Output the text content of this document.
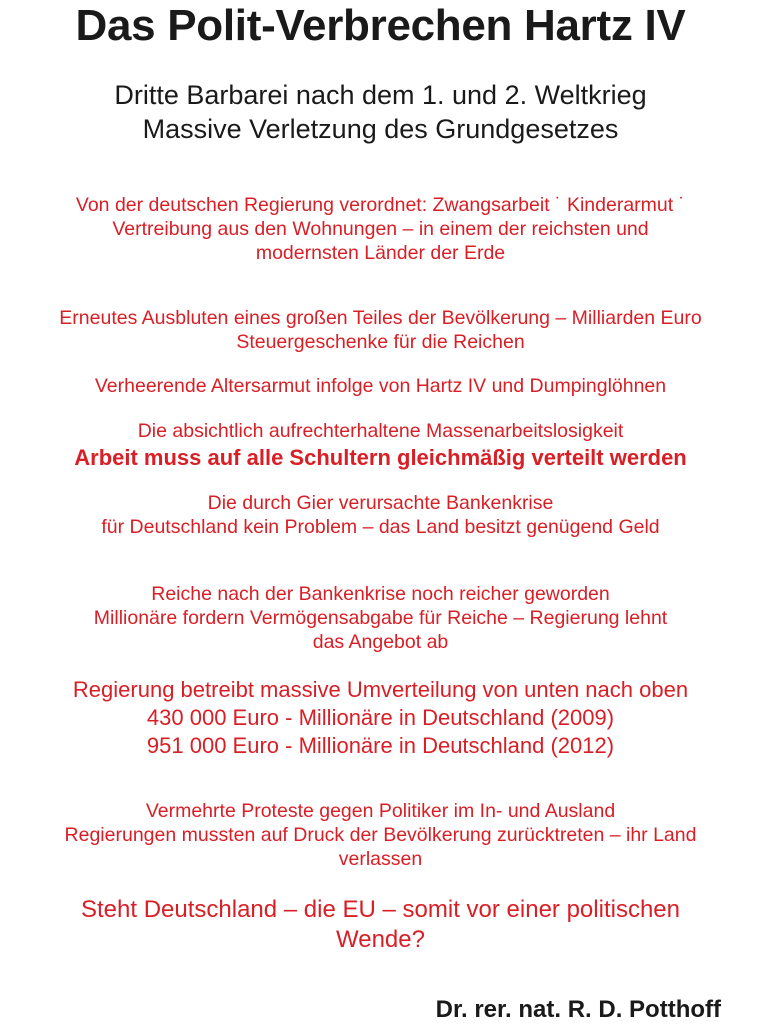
Das Polit-Verbrechen Hartz IV
Dritte Barbarei nach dem 1. und 2. Weltkrieg
Massive Verletzung des Grundgesetzes
Von der deutschen Regierung verordnet: Zwangsarbeit ˙ Kinderarmut ˙
Vertreibung aus den Wohnungen – in einem der reichsten und
modernsten Länder der Erde
Erneutes Ausbluten eines großen Teiles der Bevölkerung – Milliarden Euro
Steuergeschenke für die Reichen
Verheerende Altersarmut infolge von Hartz IV und Dumpinglöhnen
Die absichtlich aufrechterhaltene Massenarbeitslosigkeit
Arbeit muss auf alle Schultern gleichmäßig verteilt werden
Die durch Gier verursachte Bankenkrise
für Deutschland kein Problem – das Land besitzt genügend Geld
Reiche nach der Bankenkrise noch reicher geworden
Millionäre fordern Vermögensabgabe für Reiche – Regierung lehnt
das Angebot ab
Regierung betreibt massive Umverteilung von unten nach oben
430 000 Euro - Millionäre in Deutschland (2009)
951 000 Euro - Millionäre in Deutschland (2012)
Vermehrte Proteste gegen Politiker im In- und Ausland
Regierungen mussten auf Druck der Bevölkerung zurücktreten – ihr Land
verlassen
Steht Deutschland – die EU – somit vor einer politischen
Wende?
Dr. rer. nat. R. D. Potthoff
